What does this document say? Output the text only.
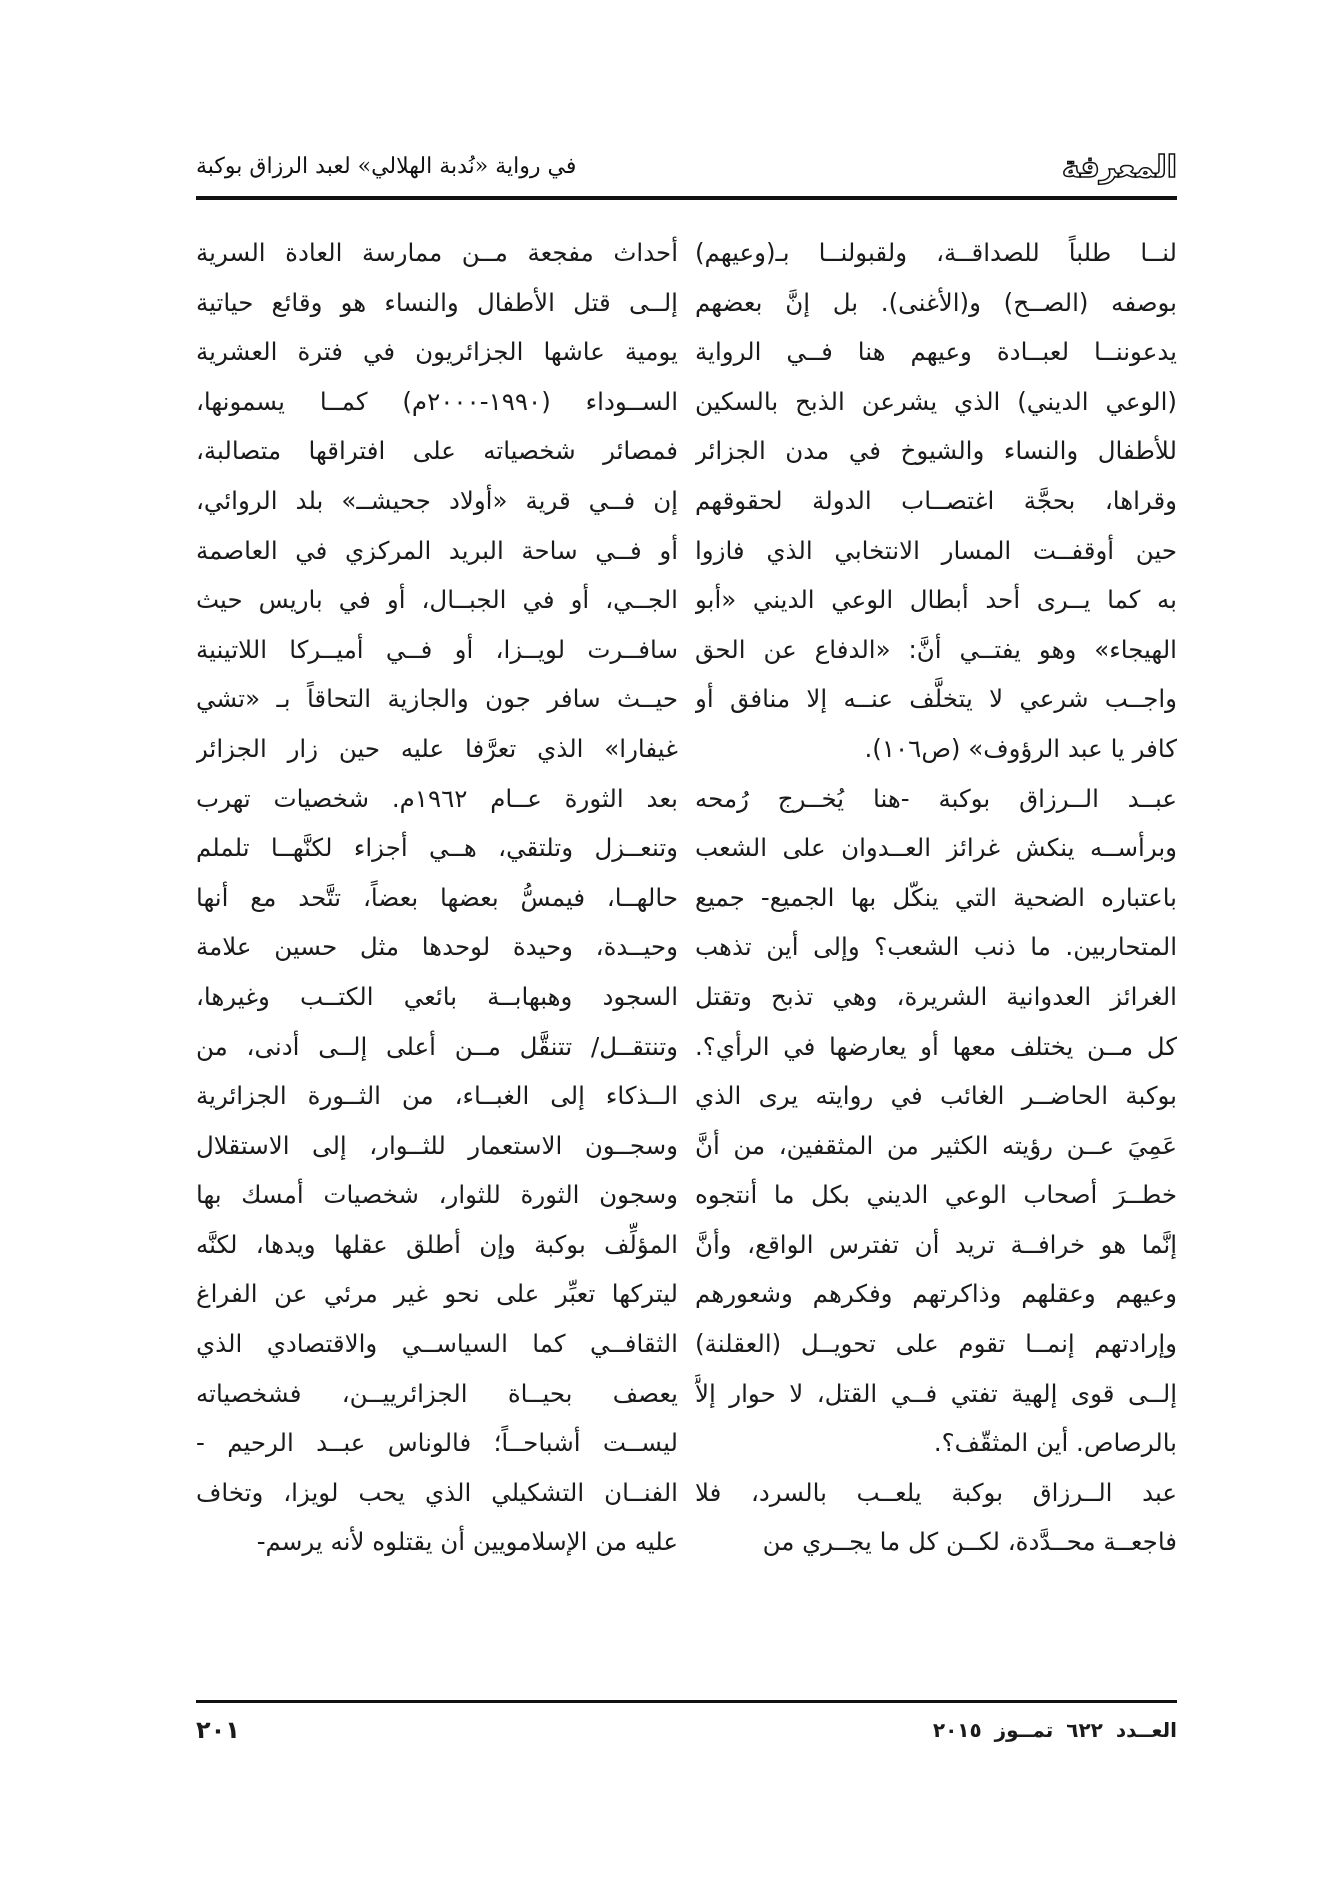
المعرفة
في رواية «نُدبة الهلالي» لعبد الرزاق بوكبة
لنــا طلباً للصداقــة، ولقبولنــا بـ(وعيهم)
بوصفه (الصــح) و(الأغنى). بل إنَّ بعضهم
يدعوننــا لعبــادة وعيهم هنا فــي الرواية
(الوعي الديني) الذي يشرعن الذبح بالسكين
للأطفال والنساء والشيوخ في مدن الجزائر
وقراها، بحجَّة اغتصــاب الدولة لحقوقهم
حين أوقفــت المسار الانتخابي الذي فازوا
به كما يــرى أحد أبطال الوعي الديني «أبو
الهيجاء» وهو يفتــي أنَّ: «الدفاع عن الحق
واجــب شرعي لا يتخلَّف عنــه إلا منافق أو
كافر يا عبد الرؤوف» (ص١٠٦).
عبــد الــرزاق بوكبة -هنا يُخــرج رُمحه
وبرأســه ينكش غرائز العــدوان على الشعب
باعتباره الضحية التي ينكّل بها الجميع- جميع
المتحاربين. ما ذنب الشعب؟ وإلى أين تذهب
الغرائز العدوانية الشريرة، وهي تذبح وتقتل
كل مــن يختلف معها أو يعارضها في الرأي؟.
بوكبة الحاضــر الغائب في روايته يرى الذي
عَمِيَ عــن رؤيته الكثير من المثقفين، من أنَّ
خطــرَ أصحاب الوعي الديني بكل ما أنتجوه
إنَّما هو خرافــة تريد أن تفترس الواقع، وأنَّ
وعيهم وعقلهم وذاكرتهم وفكرهم وشعورهم
وإرادتهم إنمــا تقوم على تحويــل (العقلنة)
إلــى قوى إلهية تفتي فــي القتل، لا حوار إلاَّ
بالرصاص. أين المثقّف؟.
عبد الــرزاق بوكبة يلعــب بالسرد، فلا
فاجعــة محــدَّدة، لكــن كل ما يجــري من
أحداث مفجعة مــن ممارسة العادة السرية
إلــى قتل الأطفال والنساء هو وقائع حياتية
يومية عاشها الجزائريون في فترة العشرية
الســوداء (١٩٩٠-٢٠٠٠م) كمــا يسمونها،
فمصائر شخصياته على افتراقها متصالبة،
إن فــي قرية «أولاد جحيشــ» بلد الروائي،
أو فــي ساحة البريد المركزي في العاصمة
الجــي، أو في الجبــال، أو في باريس حيث
سافــرت لويــزا، أو فــي أميــركا اللاتينية
حيــث سافر جون والجازية التحاقاً بـ «تشي
غيفارا» الذي تعرَّفا عليه حين زار الجزائر
بعد الثورة عــام ١٩٦٢م. شخصيات تهرب
وتنعــزل وتلتقي، هــي أجزاء لكنَّهــا تلملم
حالهــا، فيمسُّ بعضها بعضاً، تتَّحد مع أنها
وحيــدة، وحيدة لوحدها مثل حسين علامة
السجود وهبهابــة بائعي الكتــب وغيرها،
وتنتقــل/ تتنقَّل مــن أعلى إلــى أدنى، من
الــذكاء إلى الغبــاء، من الثــورة الجزائرية
وسجــون الاستعمار للثــوار، إلى الاستقلال
وسجون الثورة للثوار، شخصيات أمسك بها
المؤلِّف بوكبة وإن أطلق عقلها ويدها، لكنَّه
ليتركها تعبِّر على نحو غير مرئي عن الفراغ
الثقافــي كما السياســي والاقتصادي الذي
يعصف بحيــاة الجزائرييــن، فشخصياته
ليســت أشباحــاً؛ فالوناس عبــد الرحيم -
الفنــان التشكيلي الذي يحب لويزا، وتخاف
عليه من الإسلامويين أن يقتلوه لأنه يرسم-
العــدد ٦٢٢ تمــوز ٢٠١٥
٢٠١
